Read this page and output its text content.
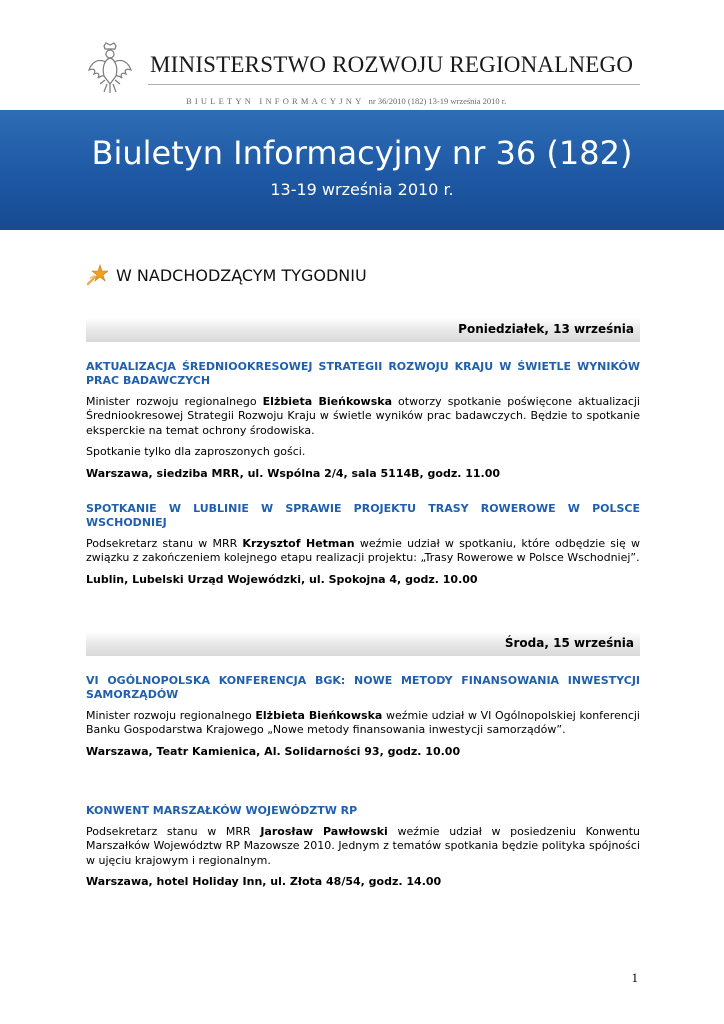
MINISTERSTWO ROZWOJU REGIONALNEGO
BIULETYN INFORMACYJNY nr 36/2010 (182) 13-19 września 2010 r.
Biuletyn Informacyjny nr 36 (182)
13-19 września 2010 r.
W NADCHODZĄCYM TYGODNIU
Poniedziałek, 13 września
AKTUALIZACJA ŚREDNIOOKRESOWEJ STRATEGII ROZWOJU KRAJU W ŚWIETLE WYNIKÓW PRAC BADAWCZYCH

Minister rozwoju regionalnego Elżbieta Bieńkowska otworzy spotkanie poświęcone aktualizacji Średniookresowej Strategii Rozwoju Kraju w świetle wyników prac badawczych. Będzie to spotkanie eksperckie na temat ochrony środowiska.

Spotkanie tylko dla zaproszonych gości.

Warszawa, siedziba MRR, ul. Wspólna 2/4, sala 5114B, godz. 11.00

SPOTKANIE W LUBLINIE W SPRAWIE PROJEKTU TRASY ROWEROWE W POLSCE WSCHODNIEJ

Podsekretarz stanu w MRR Krzysztof Hetman weźmie udział w spotkaniu, które odbędzie się w związku z zakończeniem kolejnego etapu realizacji projektu: „Trasy Rowerowe w Polsce Wschodniej”.

Lublin, Lubelski Urząd Wojewódzki, ul. Spokojna 4, godz. 10.00

Środa, 15 września
VI OGÓLNOPOLSKA KONFERENCJA BGK: NOWE METODY FINANSOWANIA INWESTYCJI SAMORZĄDÓW

Minister rozwoju regionalnego Elżbieta Bieńkowska weźmie udział w VI Ogólnopolskiej konferencji Banku Gospodarstwa Krajowego „Nowe metody finansowania inwestycji samorządów”.

Warszawa, Teatr Kamienica, Al. Solidarności 93, godz. 10.00

KONWENT MARSZAŁKÓW WOJEWÓDZTW RP

Podsekretarz stanu w MRR Jarosław Pawłowski weźmie udział w posiedzeniu Konwentu Marszałków Województw RP Mazowsze 2010. Jednym z tematów spotkania będzie polityka spójności w ujęciu krajowym i regionalnym.

Warszawa, hotel Holiday Inn, ul. Złota 48/54, godz. 14.00

1
